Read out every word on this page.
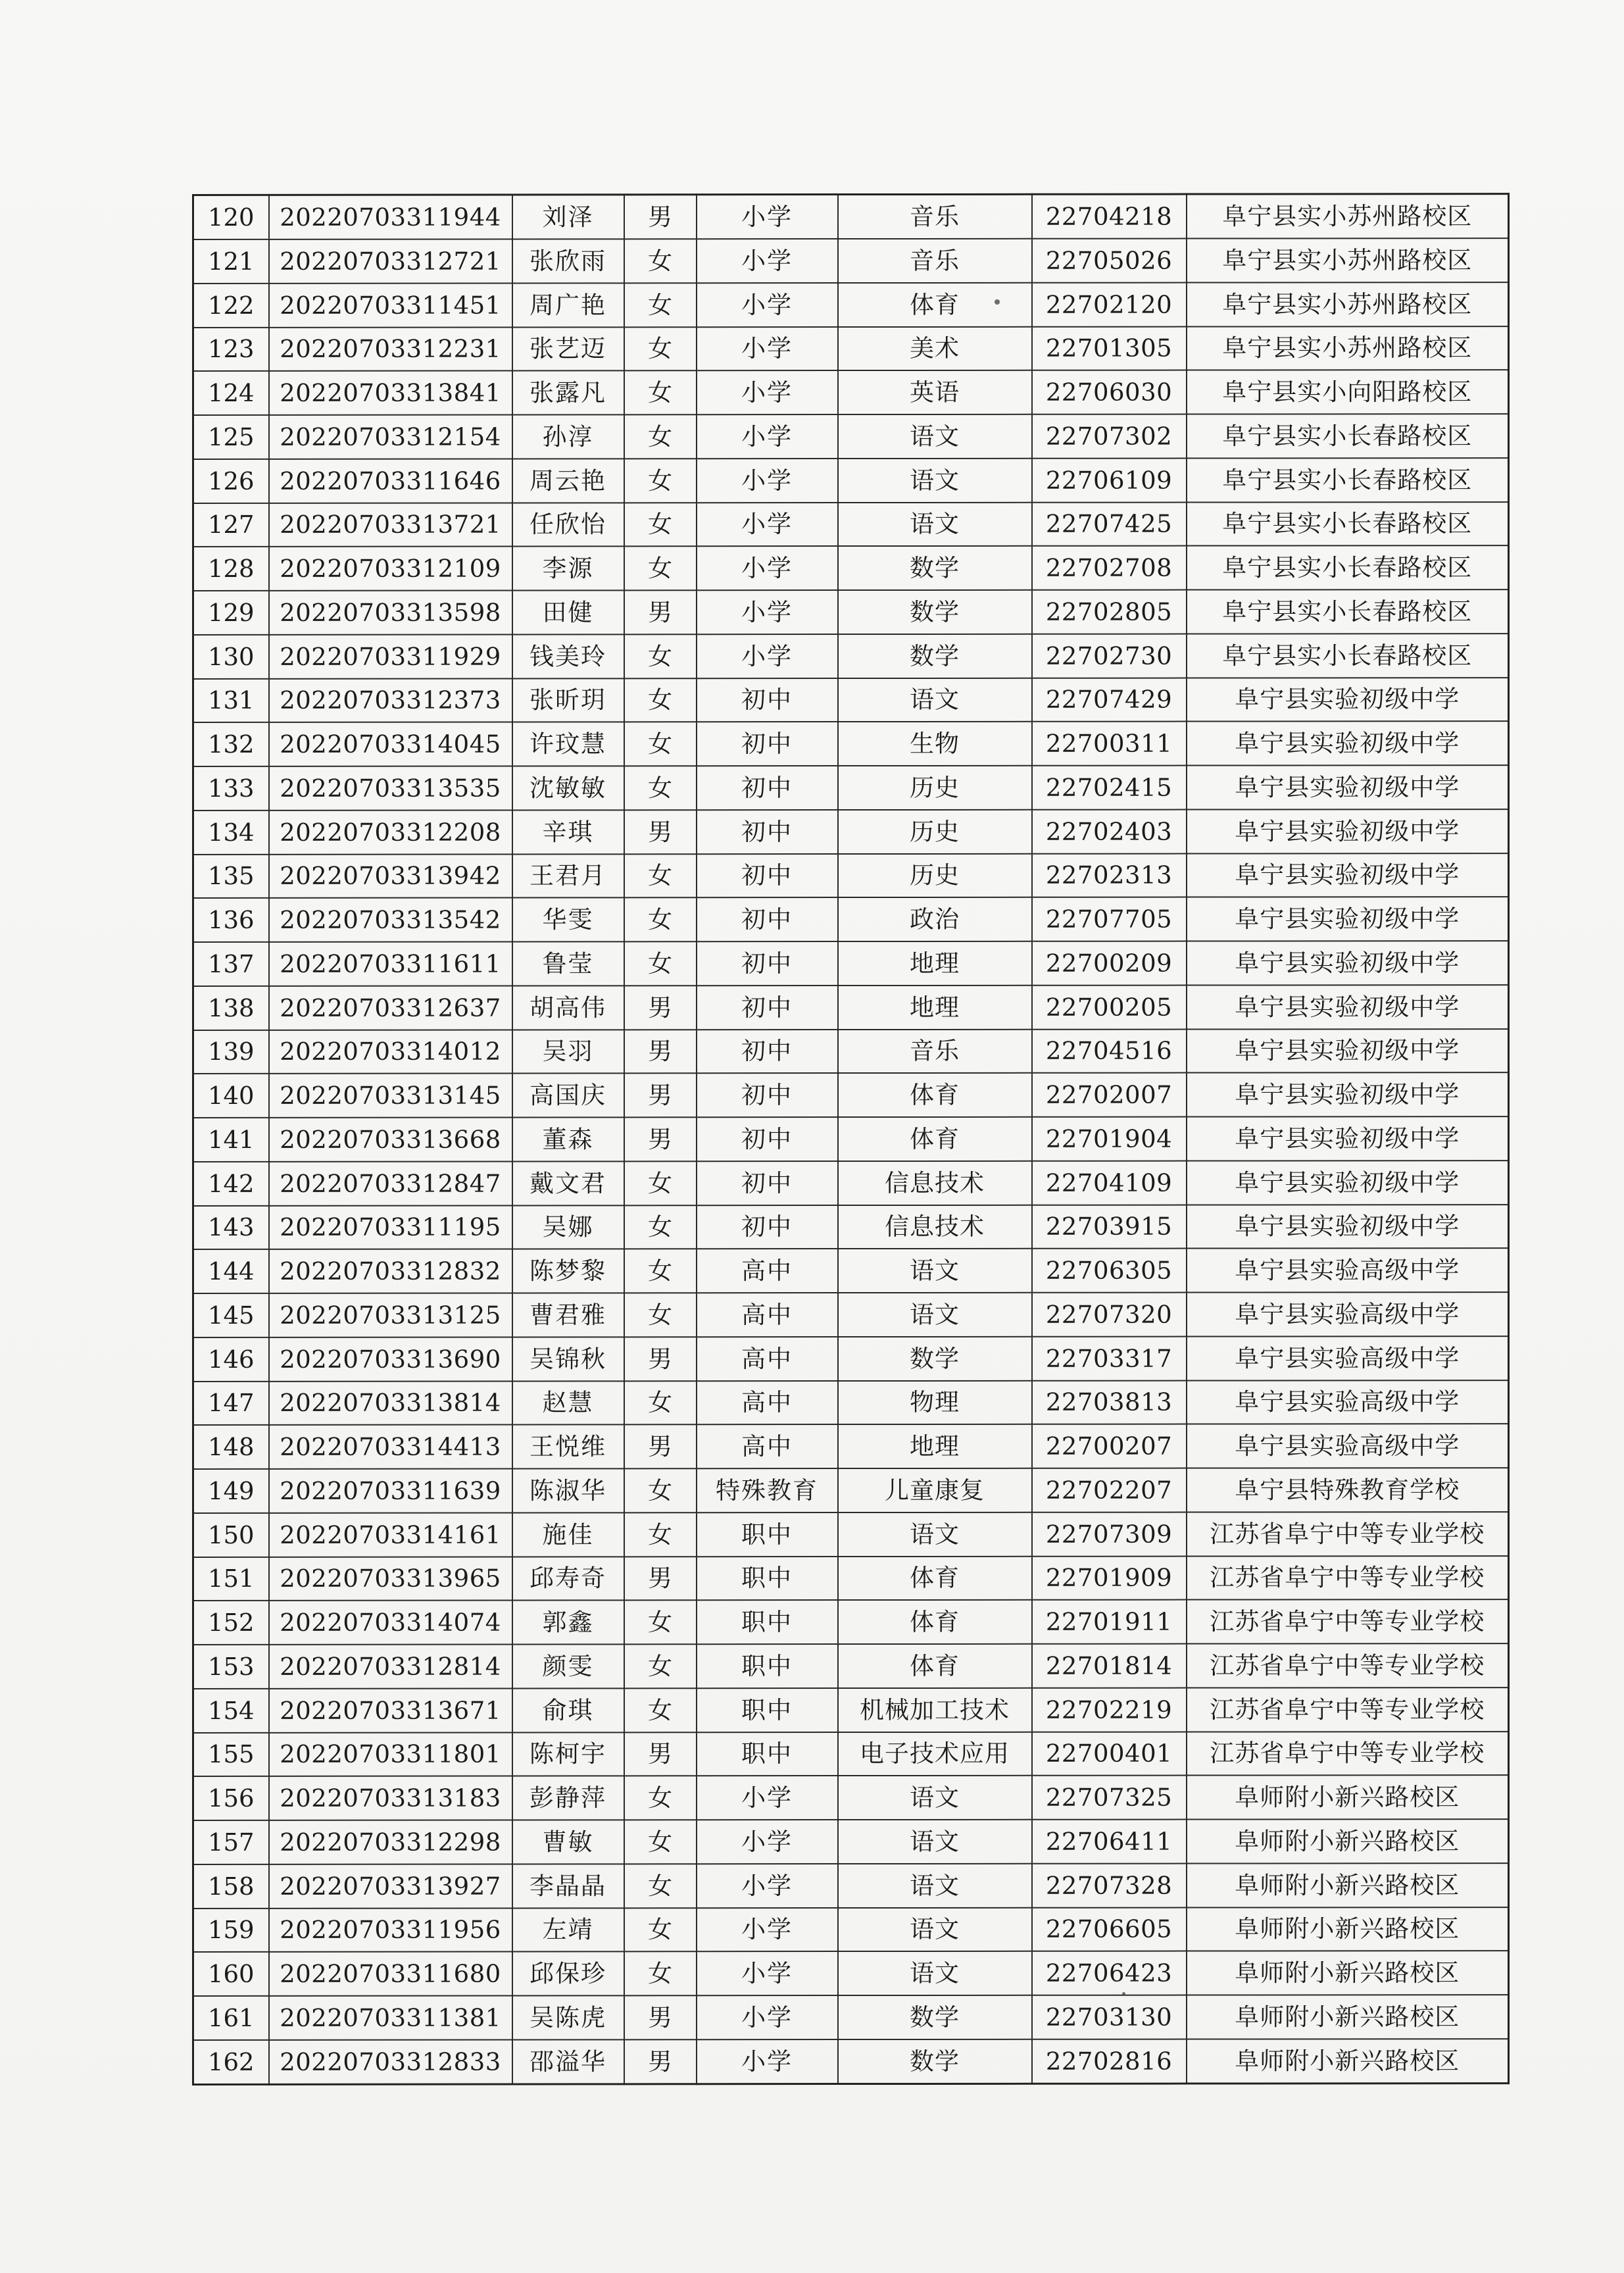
120	20220703311944	刘泽	男	小学	音乐	22704218	阜宁县实小苏州路校区
121	20220703312721	张欣雨	女	小学	音乐	22705026	阜宁县实小苏州路校区
122	20220703311451	周广艳	女	小学	体育	22702120	阜宁县实小苏州路校区
123	20220703312231	张艺迈	女	小学	美术	22701305	阜宁县实小苏州路校区
124	20220703313841	张露凡	女	小学	英语	22706030	阜宁县实小向阳路校区
125	20220703312154	孙淳	女	小学	语文	22707302	阜宁县实小长春路校区
126	20220703311646	周云艳	女	小学	语文	22706109	阜宁县实小长春路校区
127	20220703313721	任欣怡	女	小学	语文	22707425	阜宁县实小长春路校区
128	20220703312109	李源	女	小学	数学	22702708	阜宁县实小长春路校区
129	20220703313598	田健	男	小学	数学	22702805	阜宁县实小长春路校区
130	20220703311929	钱美玲	女	小学	数学	22702730	阜宁县实小长春路校区
131	20220703312373	张昕玥	女	初中	语文	22707429	阜宁县实验初级中学
132	20220703314045	许玟慧	女	初中	生物	22700311	阜宁县实验初级中学
133	20220703313535	沈敏敏	女	初中	历史	22702415	阜宁县实验初级中学
134	20220703312208	辛琪	男	初中	历史	22702403	阜宁县实验初级中学
135	20220703313942	王君月	女	初中	历史	22702313	阜宁县实验初级中学
136	20220703313542	华雯	女	初中	政治	22707705	阜宁县实验初级中学
137	20220703311611	鲁莹	女	初中	地理	22700209	阜宁县实验初级中学
138	20220703312637	胡高伟	男	初中	地理	22700205	阜宁县实验初级中学
139	20220703314012	吴羽	男	初中	音乐	22704516	阜宁县实验初级中学
140	20220703313145	高国庆	男	初中	体育	22702007	阜宁县实验初级中学
141	20220703313668	董森	男	初中	体育	22701904	阜宁县实验初级中学
142	20220703312847	戴文君	女	初中	信息技术	22704109	阜宁县实验初级中学
143	20220703311195	吴娜	女	初中	信息技术	22703915	阜宁县实验初级中学
144	20220703312832	陈梦黎	女	高中	语文	22706305	阜宁县实验高级中学
145	20220703313125	曹君雅	女	高中	语文	22707320	阜宁县实验高级中学
146	20220703313690	吴锦秋	男	高中	数学	22703317	阜宁县实验高级中学
147	20220703313814	赵慧	女	高中	物理	22703813	阜宁县实验高级中学
148	20220703314413	王悦维	男	高中	地理	22700207	阜宁县实验高级中学
149	20220703311639	陈淑华	女	特殊教育	儿童康复	22702207	阜宁县特殊教育学校
150	20220703314161	施佳	女	职中	语文	22707309	江苏省阜宁中等专业学校
151	20220703313965	邱寿奇	男	职中	体育	22701909	江苏省阜宁中等专业学校
152	20220703314074	郭鑫	女	职中	体育	22701911	江苏省阜宁中等专业学校
153	20220703312814	颜雯	女	职中	体育	22701814	江苏省阜宁中等专业学校
154	20220703313671	俞琪	女	职中	机械加工技术	22702219	江苏省阜宁中等专业学校
155	20220703311801	陈柯宇	男	职中	电子技术应用	22700401	江苏省阜宁中等专业学校
156	20220703313183	彭静萍	女	小学	语文	22707325	阜师附小新兴路校区
157	20220703312298	曹敏	女	小学	语文	22706411	阜师附小新兴路校区
158	20220703313927	李晶晶	女	小学	语文	22707328	阜师附小新兴路校区
159	20220703311956	左靖	女	小学	语文	22706605	阜师附小新兴路校区
160	20220703311680	邱保珍	女	小学	语文	22706423	阜师附小新兴路校区
161	20220703311381	吴陈虎	男	小学	数学	22703130	阜师附小新兴路校区
162	20220703312833	邵溢华	男	小学	数学	22702816	阜师附小新兴路校区
